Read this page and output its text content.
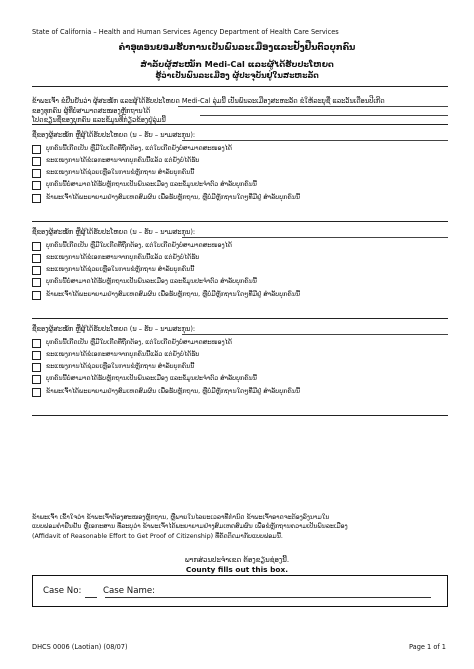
State of California – Health and Human Services Agency Department of Health Care Services
ຄຳອຸທອນຍອມຮັບການເປັນພົນລະເມືອງແລະຢັ້ງຢືນຕົວບຸກຄົນ
ສຳລັບຜູ້ສະໝັກ Medi-Cal ແລະຜູ້ໄດ້ຮັບປະໂຫຍດ
ຮູ້ວ່າເປັນພົນລະເມືອງ ຜູ້ປະຈຸບັນຢູ່ໃນສະຫະລັດ
ຂ້າພະເຈົ້າ ຂໍຢືນຢັນວ່າ ຜູ້ສະໝັກ ແລະຜູ້ໄດ້ຮັບປະໂຫຍດ Medi-Cal ລຸ່ມນີ້ ເປັນພົນລະເມືອງສະຫະລັດ ຂໍໃຫ້ລະບຸຊື່ ແລະວັນເດືອນປີເກີດ
ຂອງທຸກຄົນ ຜູ້ທີ່ບໍ່ສາມາດສະໜອງຫຼັກຖານໄດ້
ໂປດຂຽນຊື່ຂອງບຸກຄົນ ແລະຂໍ້ມູນທີ່ກ່ຽວຂ້ອງຢູ່ລຸ່ມນີ້
ຊື່ຂອງຜູ້ສະໝັກ ຫຼືຜູ້ໄດ້ຮັບປະໂຫຍດ (ນ – ຮັບ – ນາມສະກຸນ):
ບຸກຄົນນີ້ເກີດເປັນ ຫຼືມີໃບເກີດທີ່ຖືກຕ້ອງ, ແຕ່ໃບເກີດຍັງບໍ່ສາມາດສະໜອງໄດ້
ຂະແໜງການໄດ້ຂໍເອກະສານຈາກບຸກຄົນນີ້ແລ້ວ ແຕ່ຍັງບໍ່ໄດ້ຮັບ
ຂະແໜງການໄດ້ຊ່ວຍເຫຼືອໃນການຂໍຫຼັກຖານ ສຳລັບບຸກຄົນນີ້
ບຸກຄົນນີ້ບໍ່ສາມາດໄດ້ຮັບຫຼັກຖານເປັນພົນລະເມືອງ ແລະຂໍ້ມູນປະຈຳຕົວ ສຳລັບບຸກຄົນນີ້
ຂ້າພະເຈົ້າໄດ້ພະຍາຍາມຢ່າງສົມເຫດສົມຜົນ ເພື່ອຮັບຫຼັກຖານ, ຫຼືບໍ່ມີຫຼັກຖານໃດໆທີ່ມີຢູ່ ສຳລັບບຸກຄົນນີ້
ຊື່ຂອງຜູ້ສະໝັກ ຫຼືຜູ້ໄດ້ຮັບປະໂຫຍດ (ນ – ຮັບ – ນາມສະກຸນ):
ບຸກຄົນນີ້ເກີດເປັນ ຫຼືມີໃບເກີດທີ່ຖືກຕ້ອງ, ແຕ່ໃບເກີດຍັງບໍ່ສາມາດສະໜອງໄດ້
ຂະແໜງການໄດ້ຂໍເອກະສານຈາກບຸກຄົນນີ້ແລ້ວ ແຕ່ຍັງບໍ່ໄດ້ຮັບ
ຂະແໜງການໄດ້ຊ່ວຍເຫຼືອໃນການຂໍຫຼັກຖານ ສຳລັບບຸກຄົນນີ້
ບຸກຄົນນີ້ບໍ່ສາມາດໄດ້ຮັບຫຼັກຖານເປັນພົນລະເມືອງ ແລະຂໍ້ມູນປະຈຳຕົວ ສຳລັບບຸກຄົນນີ້
ຂ້າພະເຈົ້າໄດ້ພະຍາຍາມຢ່າງສົມເຫດສົມຜົນ ເພື່ອຮັບຫຼັກຖານ, ຫຼືບໍ່ມີຫຼັກຖານໃດໆທີ່ມີຢູ່ ສຳລັບບຸກຄົນນີ້
ຊື່ຂອງຜູ້ສະໝັກ ຫຼືຜູ້ໄດ້ຮັບປະໂຫຍດ (ນ – ຮັບ – ນາມສະກຸນ):
ບຸກຄົນນີ້ເກີດເປັນ ຫຼືມີໃບເກີດທີ່ຖືກຕ້ອງ, ແຕ່ໃບເກີດຍັງບໍ່ສາມາດສະໜອງໄດ້
ຂະແໜງການໄດ້ຂໍເອກະສານຈາກບຸກຄົນນີ້ແລ້ວ ແຕ່ຍັງບໍ່ໄດ້ຮັບ
ຂະແໜງການໄດ້ຊ່ວຍເຫຼືອໃນການຂໍຫຼັກຖານ ສຳລັບບຸກຄົນນີ້
ບຸກຄົນນີ້ບໍ່ສາມາດໄດ້ຮັບຫຼັກຖານເປັນພົນລະເມືອງ ແລະຂໍ້ມູນປະຈຳຕົວ ສຳລັບບຸກຄົນນີ້
ຂ້າພະເຈົ້າໄດ້ພະຍາຍາມຢ່າງສົມເຫດສົມຜົນ ເພື່ອຮັບຫຼັກຖານ, ຫຼືບໍ່ມີຫຼັກຖານໃດໆທີ່ມີຢູ່ ສຳລັບບຸກຄົນນີ້
ຂ້າພະເຈົ້າ ເຂົ້າໃຈວ່າ ຂ້າພະເຈົ້າຕ້ອງສະໜອງຫຼັກຖານ, ຫຼືພາຍໃນໄລຍະເວລາທີ່ກຳນົດ ຂ້າພະເຈົ້າອາດຈະຕ້ອງລົງນາມໃນ
ແບບຟອມຄຳຢືນຢັນ ຫຼືເອກະສານ ທີ່ລະບຸວ່າ ຂ້າພະເຈົ້າໄດ້ພະຍາຍາມຢ່າງສົມເຫດສົມຜົນ ເພື່ອຂໍຫຼັກຖານຄວາມເປັນພົນລະເມືອງ
(Affidavit of Reasonable Effort to Get Proof of Citizenship) ທີ່ຄັດຕິດມາກັບແບບຟອມນີ້.
ພາກສ່ວນປະຈຳເຂດ ຕ້ອງຂຽນຊ່ອງນີ້.
County fills out this box.
Case No:	Case Name:
DHCS 0006 (Laotian) (08/07)	Page 1 of 1
